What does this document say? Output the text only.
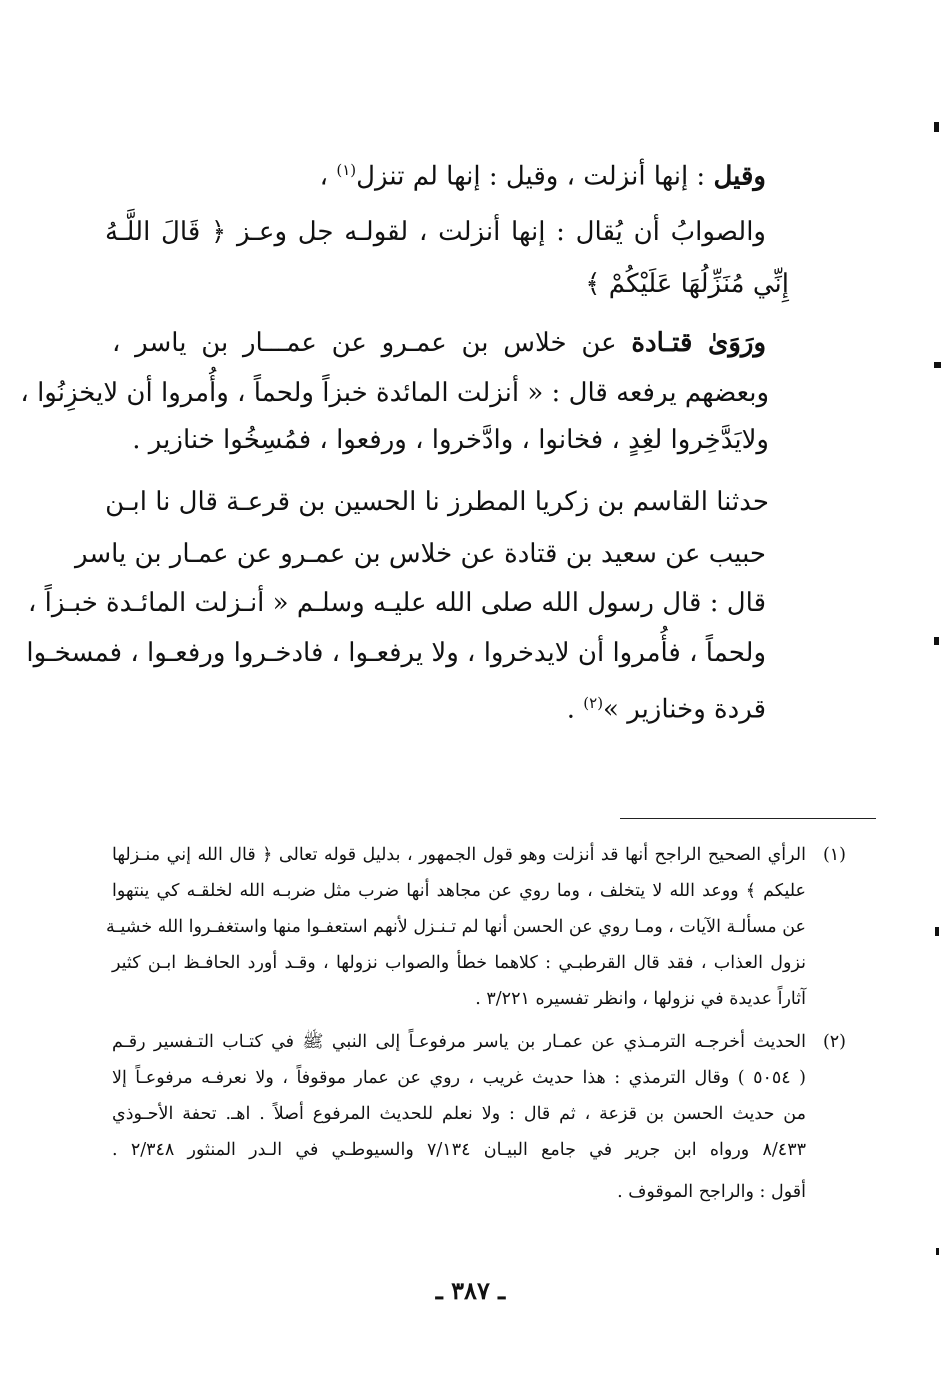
وقيل : إنها أنزلت ، وقيل : إنها لم تنزل$^{(١)}$ ،
والصوابُ أن يُقال : إنها أنزلت ، لقولـه جل وعـز ﴿ قَالَ اللَّـهُ
إِنِّي مُنَزِّلُهَا عَلَيْكُمْ ﴾
ورَوَىٰ قتـادة عن خلاس بن عمـرو عن عمـــار بن ياسر ،
وبعضهم يرفعه قال : « أنزلت المائدة خبزاً ولحماً ، وأُمروا أن لايخزِنُوا ،
ولايَدَّخِروا لغِدٍ ، فخانوا ، وادَّخروا ، ورفعوا ، فمُسِخُوا خنازير .
حدثنا القاسم بن زكريا المطرز نا الحسين بن قرعـة قال نا ابـن
حبيب عن سعيد بن قتادة عن خلاس بن عمـرو عن عمـار بن ياسر
قال : قال رسول الله صلى الله عليـه وسلـم « أنـزلت المائـدة خبـزاً ،
ولحماً ، فأُمروا أن لايدخروا ، ولا يرفعـوا ، فادخـروا ورفعـوا ، فمسخـوا
قردة وخنازير »$^{(٢)}$ .
(١)
الرأي الصحيح الراجح أنها قد أنزلت وهو قول الجمهور ، بدليل قوله تعالى ﴿ قال الله إني منـزلها
عليكم ﴾ ووعد الله لا يتخلف ، وما روي عن مجاهد أنها ضرب مثل ضربـه الله لخلقـه كي ينتهوا
عن مسألـة الآيات ، ومـا روي عن الحسن أنها لم تـنـزل لأنهم استعفـوا منها واستغفـروا الله خشيـة
نزول العذاب ، فقد قال القرطبـي : كلاهما خطأ والصواب نزولها ، وقـد أورد الحافـظ ابـن كثير
آثاراً عديدة في نزولها ، وانظر تفسيره ٣/٢٢١ .
(٢)
الحديث أخرجـه الترمـذي عن عمـار بن ياسر مرفوعـاً إلى النبي ﷺ في كتـاب التـفسير رقـم
( ٥٠٥٤ ) وقال الترمذي : هذا حديث غريب ، روي عن عمار موقوفاً ، ولا نعرفـه مرفوعـاً إلا
من حديث الحسن بن قزعة ، ثم قال : ولا نعلم للحديث المرفوع أصلاً . اهـ. تحفة الأحـوذي
٨/٤٣٣ ورواه ابن جرير في جامع البيـان ٧/١٣٤ والسيوطـي في الـدر المنثور ٢/٣٤٨ .
أقول : والراجح الموقوف .
ـ ٣٨٧ ـ
